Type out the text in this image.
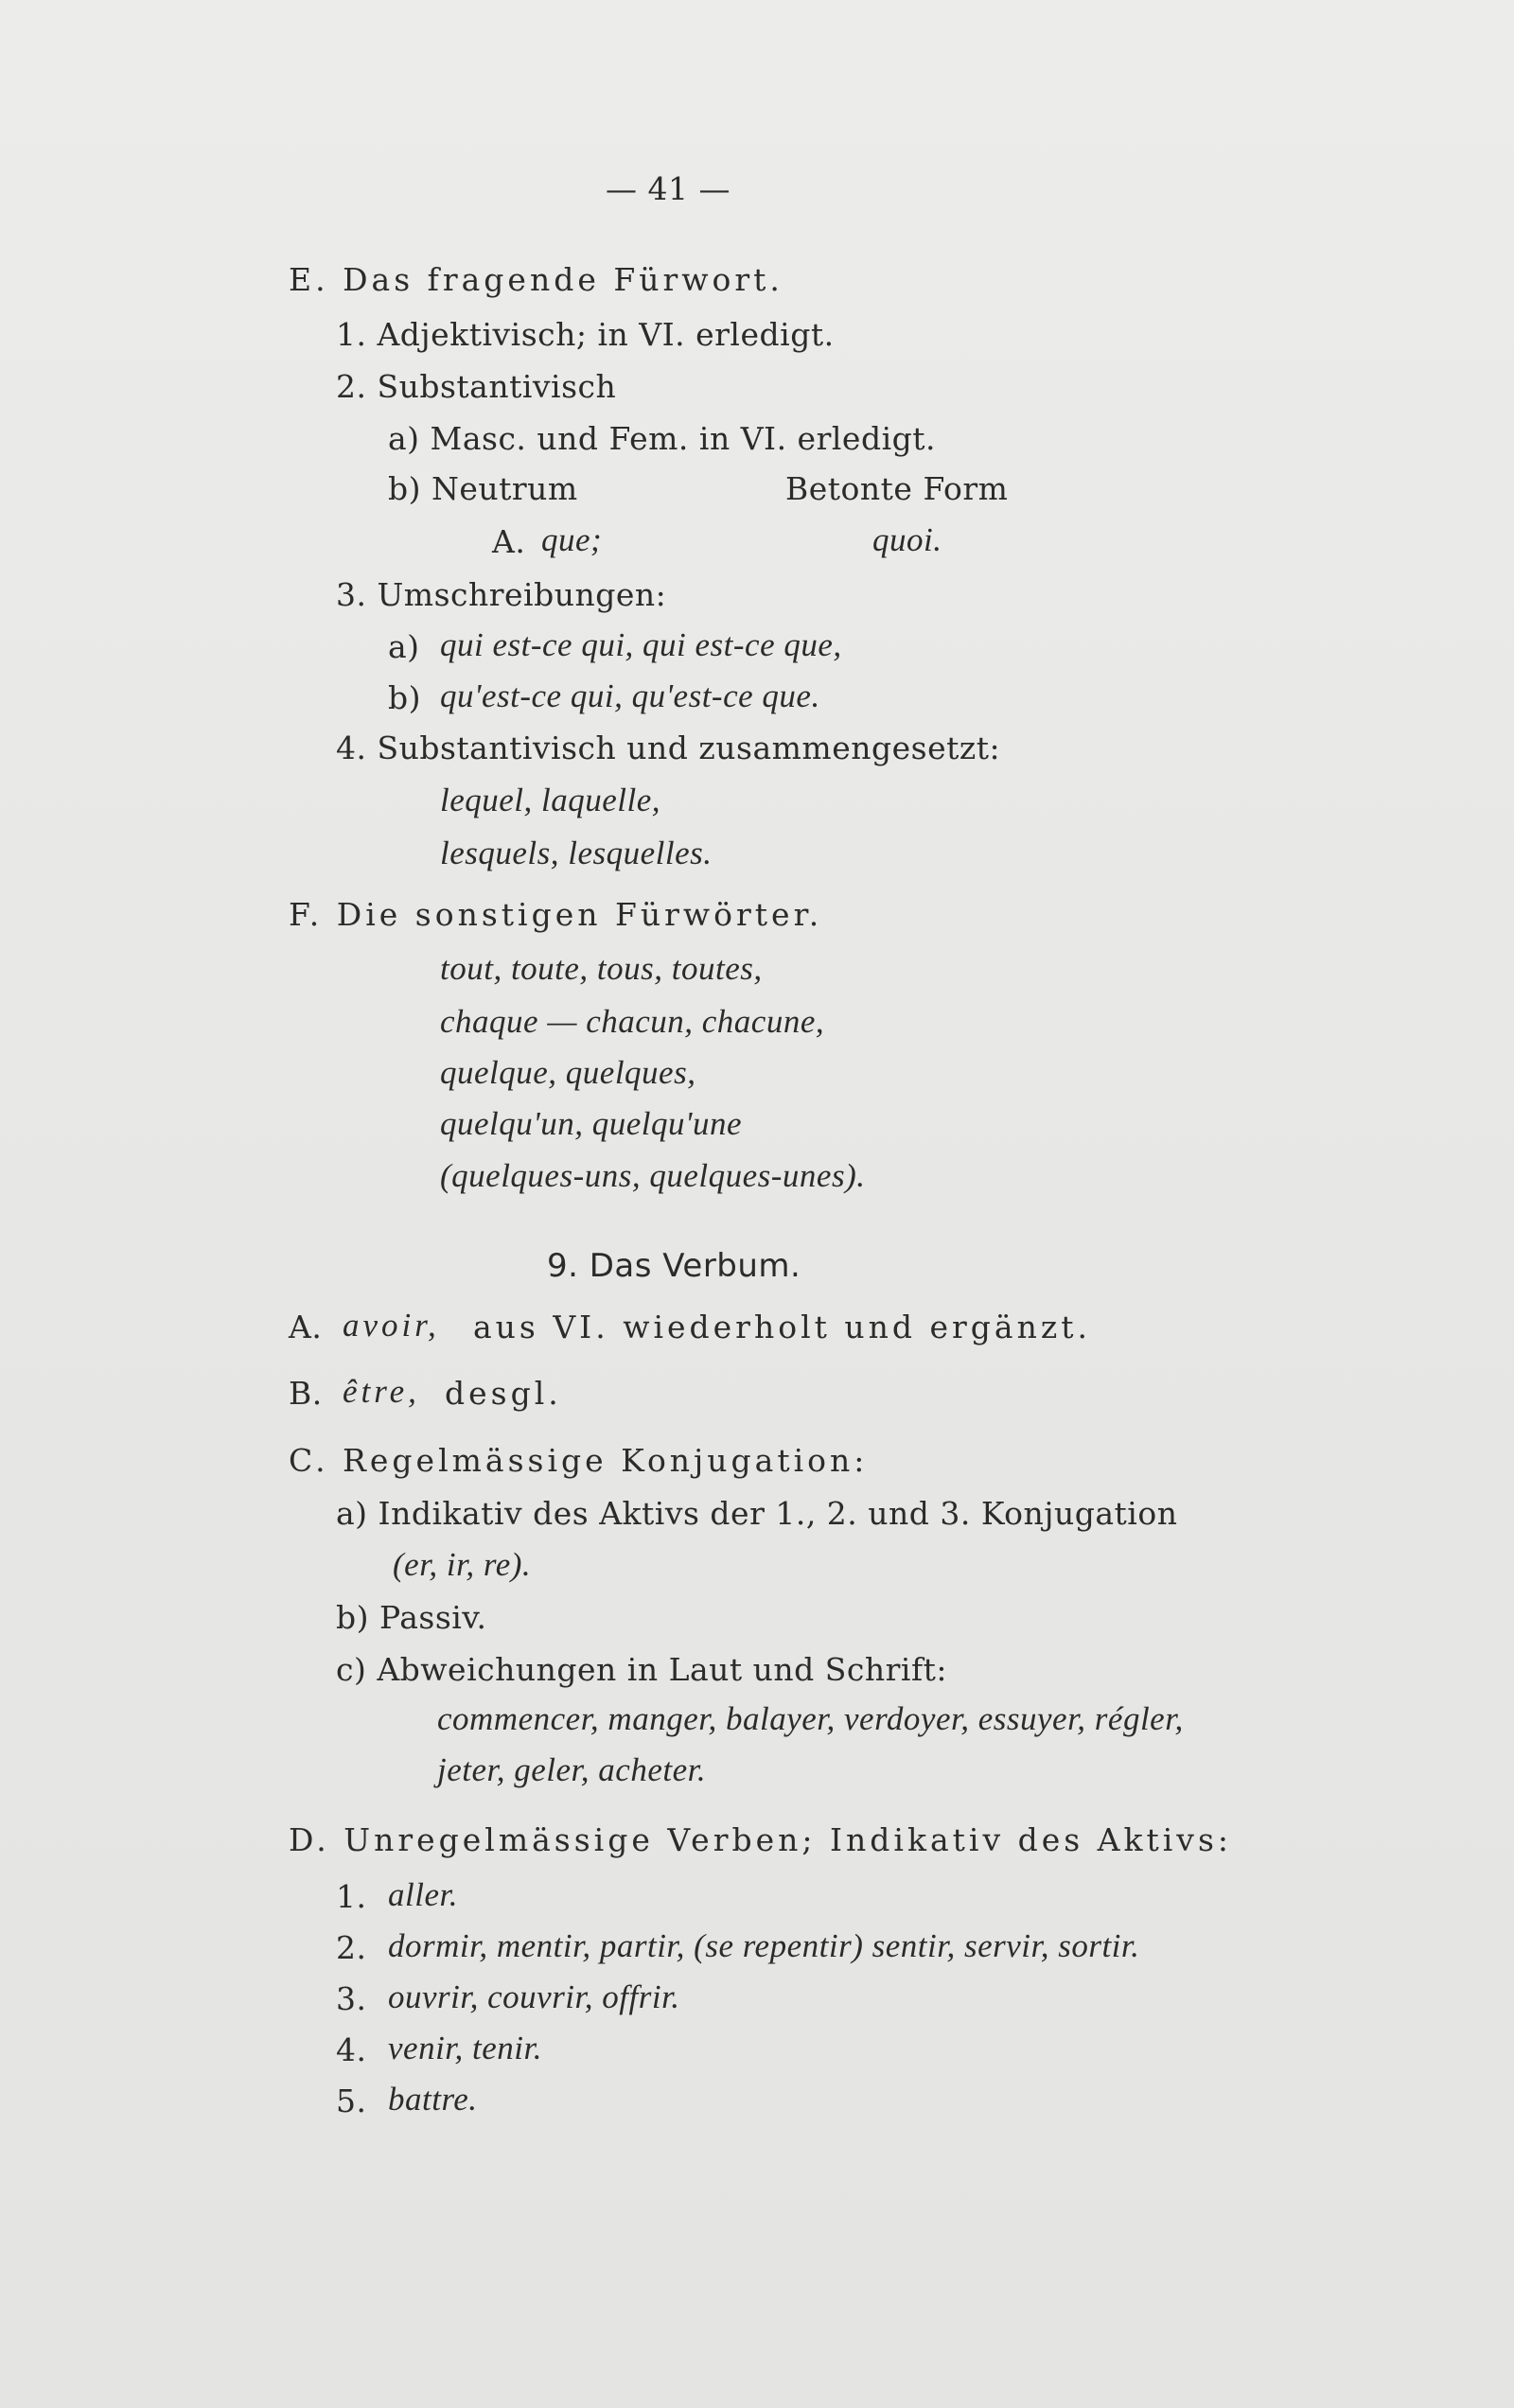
— 41 —
E. Das fragende Fürwort.
1. Adjektivisch; in VI. erledigt.
2. Substantivisch
a) Masc. und Fem. in VI. erledigt.
b) Neutrum	Betonte Form
A. que;	quoi.
3. Umschreibungen:
a) qui est-ce qui, qui est-ce que,
b) qu'est-ce qui, qu'est-ce que.
4. Substantivisch und zusammengesetzt:
lequel, laquelle,
lesquels, lesquelles.
F. Die sonstigen Fürwörter.
tout, toute, tous, toutes,
chaque — chacun, chacune,
quelque, quelques,
quelqu'un, quelqu'une
(quelques-uns, quelques-unes).
9. Das Verbum.
A. avoir, aus VI. wiederholt und ergänzt.
B. être, desgl.
C. Regelmässige Konjugation:
a) Indikativ des Aktivs der 1., 2. und 3. Konjugation
(er, ir, re).
b) Passiv.
c) Abweichungen in Laut und Schrift:
commencer, manger, balayer, verdoyer, essuyer, régler,
jeter, geler, acheter.
D. Unregelmässige Verben; Indikativ des Aktivs:
1. aller.
2. dormir, mentir, partir, (se repentir) sentir, servir, sortir.
3. ouvrir, couvrir, offrir.
4. venir, tenir.
5. battre.
